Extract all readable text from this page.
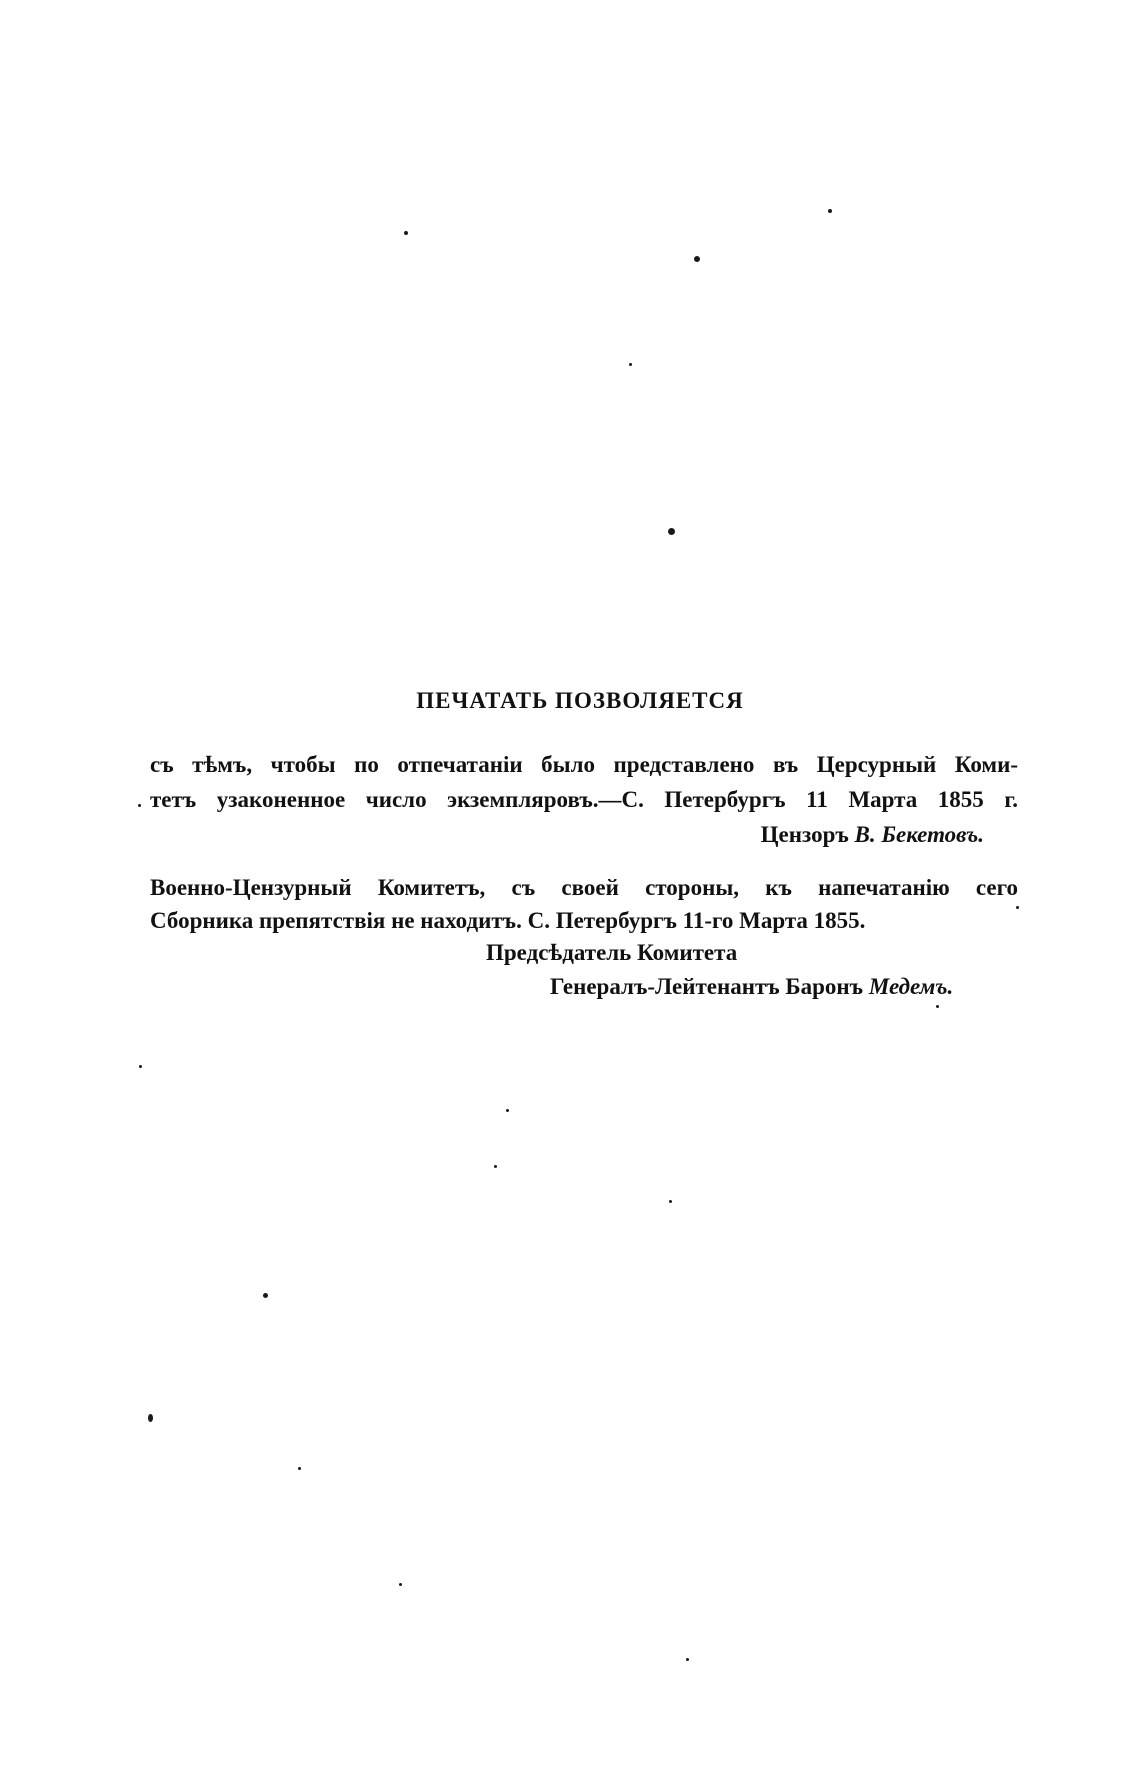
ПЕЧАТАТЬ ПОЗВОЛЯЕТСЯ
съ тѣмъ, чтобы по отпечатаніи было представлено въ Церсурный Коми-
тетъ узаконенное число экземпляровъ.—С. Петербургъ 11 Марта 1855 г.
Цензоръ В. Бекетовъ.
Военно-Цензурный Комитетъ, съ своей стороны, къ напечатанію сего
Сборника препятствія не находитъ. С. Петербургъ 11-го Марта 1855.
Предсѣдатель Комитета
Генералъ-Лейтенантъ Баронъ Медемъ.
